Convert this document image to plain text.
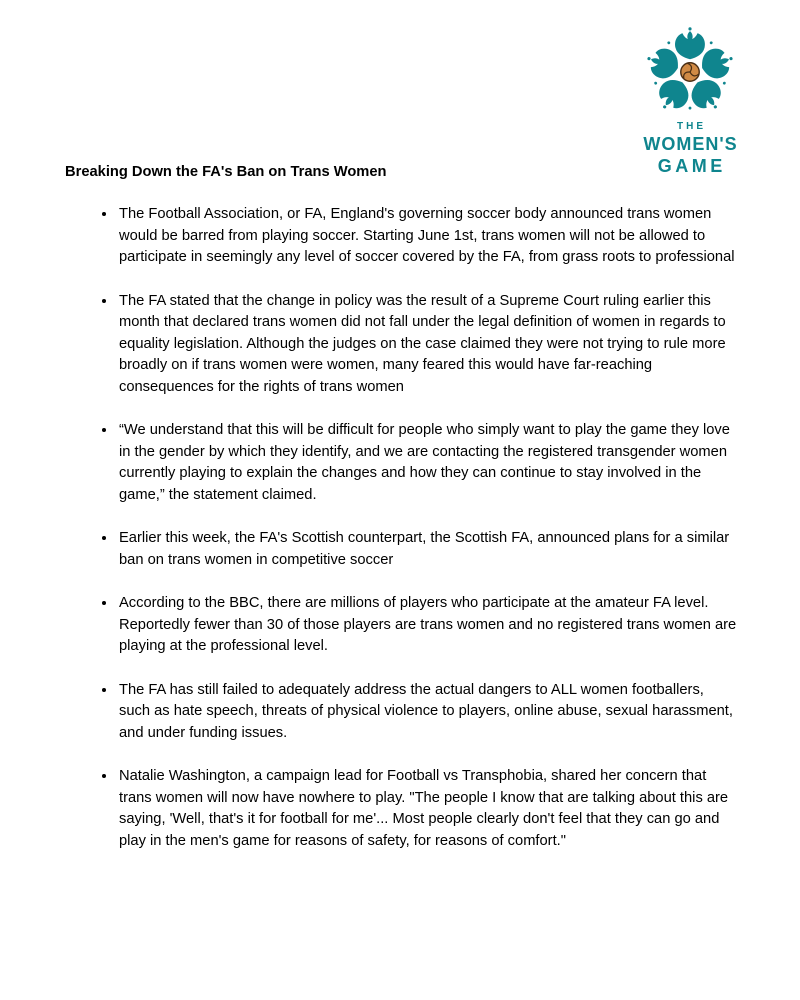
THE
WOMEN'S
GAME
Breaking Down the FA's Ban on Trans Women
• The Football Association, or FA, England's governing soccer body announced trans women would be barred from playing soccer. Starting June 1st, trans women will not be allowed to participate in seemingly any level of soccer covered by the FA, from grass roots to professional
• The FA stated that the change in policy was the result of a Supreme Court ruling earlier this month that declared trans women did not fall under the legal definition of women in regards to equality legislation. Although the judges on the case claimed they were not trying to rule more broadly on if trans women were women, many feared this would have far-reaching consequences for the rights of trans women
• “We understand that this will be difficult for people who simply want to play the game they love in the gender by which they identify, and we are contacting the registered transgender women currently playing to explain the changes and how they can continue to stay involved in the game,” the statement claimed.
• Earlier this week, the FA's Scottish counterpart, the Scottish FA, announced plans for a similar ban on trans women in competitive soccer
• According to the BBC, there are millions of players who participate at the amateur FA level. Reportedly fewer than 30 of those players are trans women and no registered trans women are playing at the professional level.
• The FA has still failed to adequately address the actual dangers to ALL women footballers, such as hate speech, threats of physical violence to players, online abuse, sexual harassment, and under funding issues.
• Natalie Washington, a campaign lead for Football vs Transphobia, shared her concern that trans women will now have nowhere to play. "The people I know that are talking about this are saying, 'Well, that's it for football for me'... Most people clearly don't feel that they can go and play in the men's game for reasons of safety, for reasons of comfort."
